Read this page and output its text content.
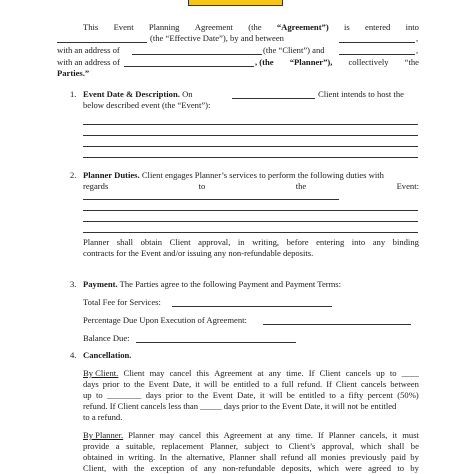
This Event Planning Agreement (the “Agreement”) is entered into
(the “Effective Date”), by and between	,
with an address of	(the “Client”) and	,
with an address of	, (the “Planner”), collectively “the
Parties.”
1. Event Date & Description. On	Client intends to host the
below described event (the “Event”):
2. Planner Duties. Client engages Planner’s services to perform the following duties with
regards	to	the	Event:
Planner shall obtain Client approval, in writing, before entering into any binding
contracts for the Event and/or issuing any non-refundable deposits.
3. Payment. The Parties agree to the following Payment and Payment Terms:
Total Fee for Services:
Percentage Due Upon Execution of Agreement:
Balance Due:
4. Cancellation.
By Client. Client may cancel this Agreement at any time. If Client cancels up to ____
days prior to the Event Date, it will be entitled to a full refund. If Client cancels between
up to ________ days prior to the Event Date, it will be entitled to a fifty percent (50%)
refund. If Client cancels less than _____ days prior to the Event Date, it will not be entitled
to a refund.
By Planner. Planner may cancel this Agreement at any time. If Planner cancels, it must
provide a suitable, replacement Planner, subject to Client’s approval, which shall be
obtained in writing. In the alternative, Planner shall refund all monies previously paid by
Client, with the exception of any non-refundable deposits, which were agreed to by
